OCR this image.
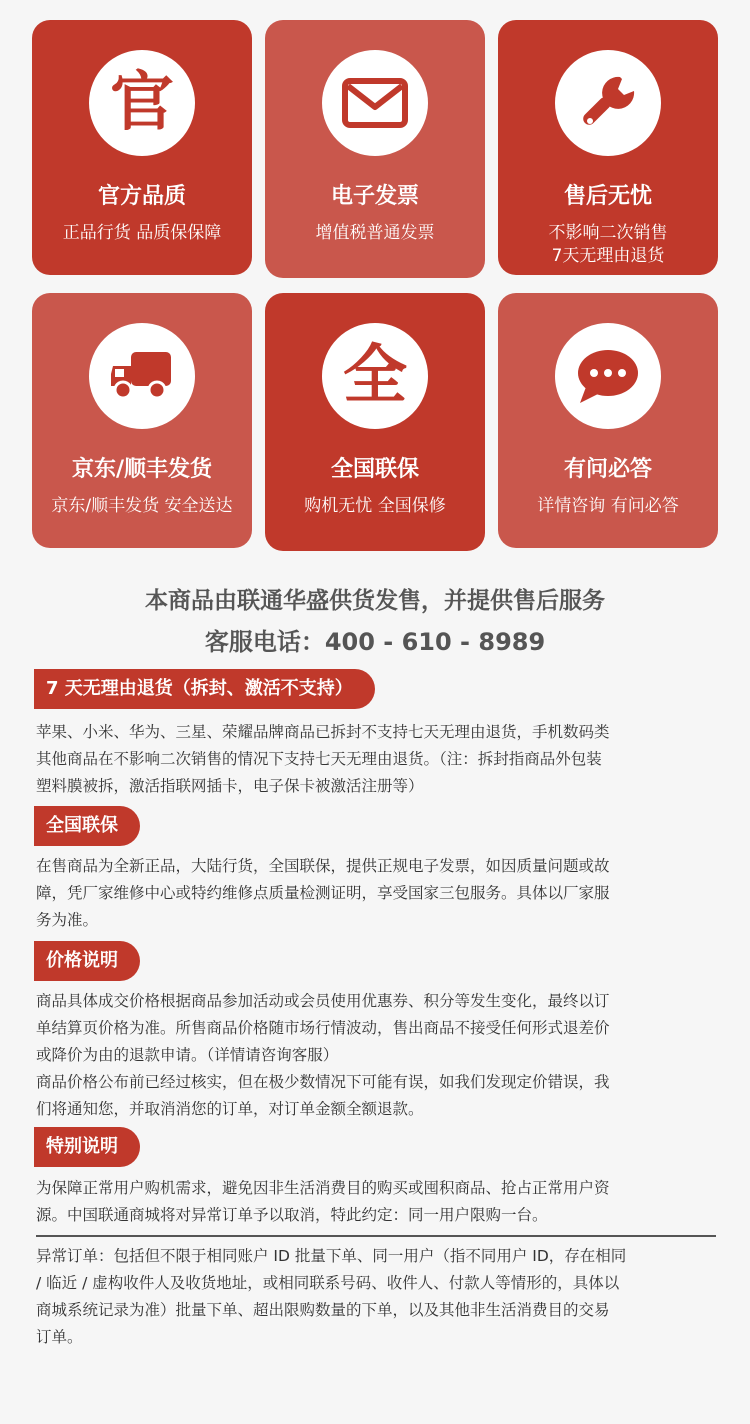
官
官方品质
正品行货 品质保保障
电子发票
增值税普通发票
售后无忧
不影响二次销售
7天无理由退货
京东/顺丰发货
京东/顺丰发货 安全送达
全
全国联保
购机无忧 全国保修
有问必答
详情咨询 有问必答
本商品由联通华盛供货发售，并提供售后服务
客服电话：400 - 610 - 8989
7 天无理由退货（拆封、激活不支持）
苹果、小米、华为、三星、荣耀品牌商品已拆封不支持七天无理由退货，手机数码类
其他商品在不影响二次销售的情况下支持七天无理由退货。（注：拆封指商品外包装
塑料膜被拆，激活指联网插卡，电子保卡被激活注册等）
全国联保
在售商品为全新正品，大陆行货，全国联保，提供正规电子发票，如因质量问题或故
障，凭厂家维修中心或特约维修点质量检测证明，享受国家三包服务。具体以厂家服
务为准。
价格说明
商品具体成交价格根据商品参加活动或会员使用优惠券、积分等发生变化，最终以订
单结算页价格为准。所售商品价格随市场行情波动，售出商品不接受任何形式退差价
或降价为由的退款申请。（详情请咨询客服）
商品价格公布前已经过核实，但在极少数情况下可能有误，如我们发现定价错误，我
们将通知您，并取消消您的订单，对订单金额全额退款。
特别说明
为保障正常用户购机需求，避免因非生活消费目的购买或囤积商品、抢占正常用户资
源。中国联通商城将对异常订单予以取消，特此约定：同一用户限购一台。
异常订单：包括但不限于相同账户 ID 批量下单、同一用户（指不同用户 ID，存在相同
/ 临近 / 虚构收件人及收货地址，或相同联系号码、收件人、付款人等情形的，具体以
商城系统记录为准）批量下单、超出限购数量的下单，以及其他非生活消费目的交易
订单。
